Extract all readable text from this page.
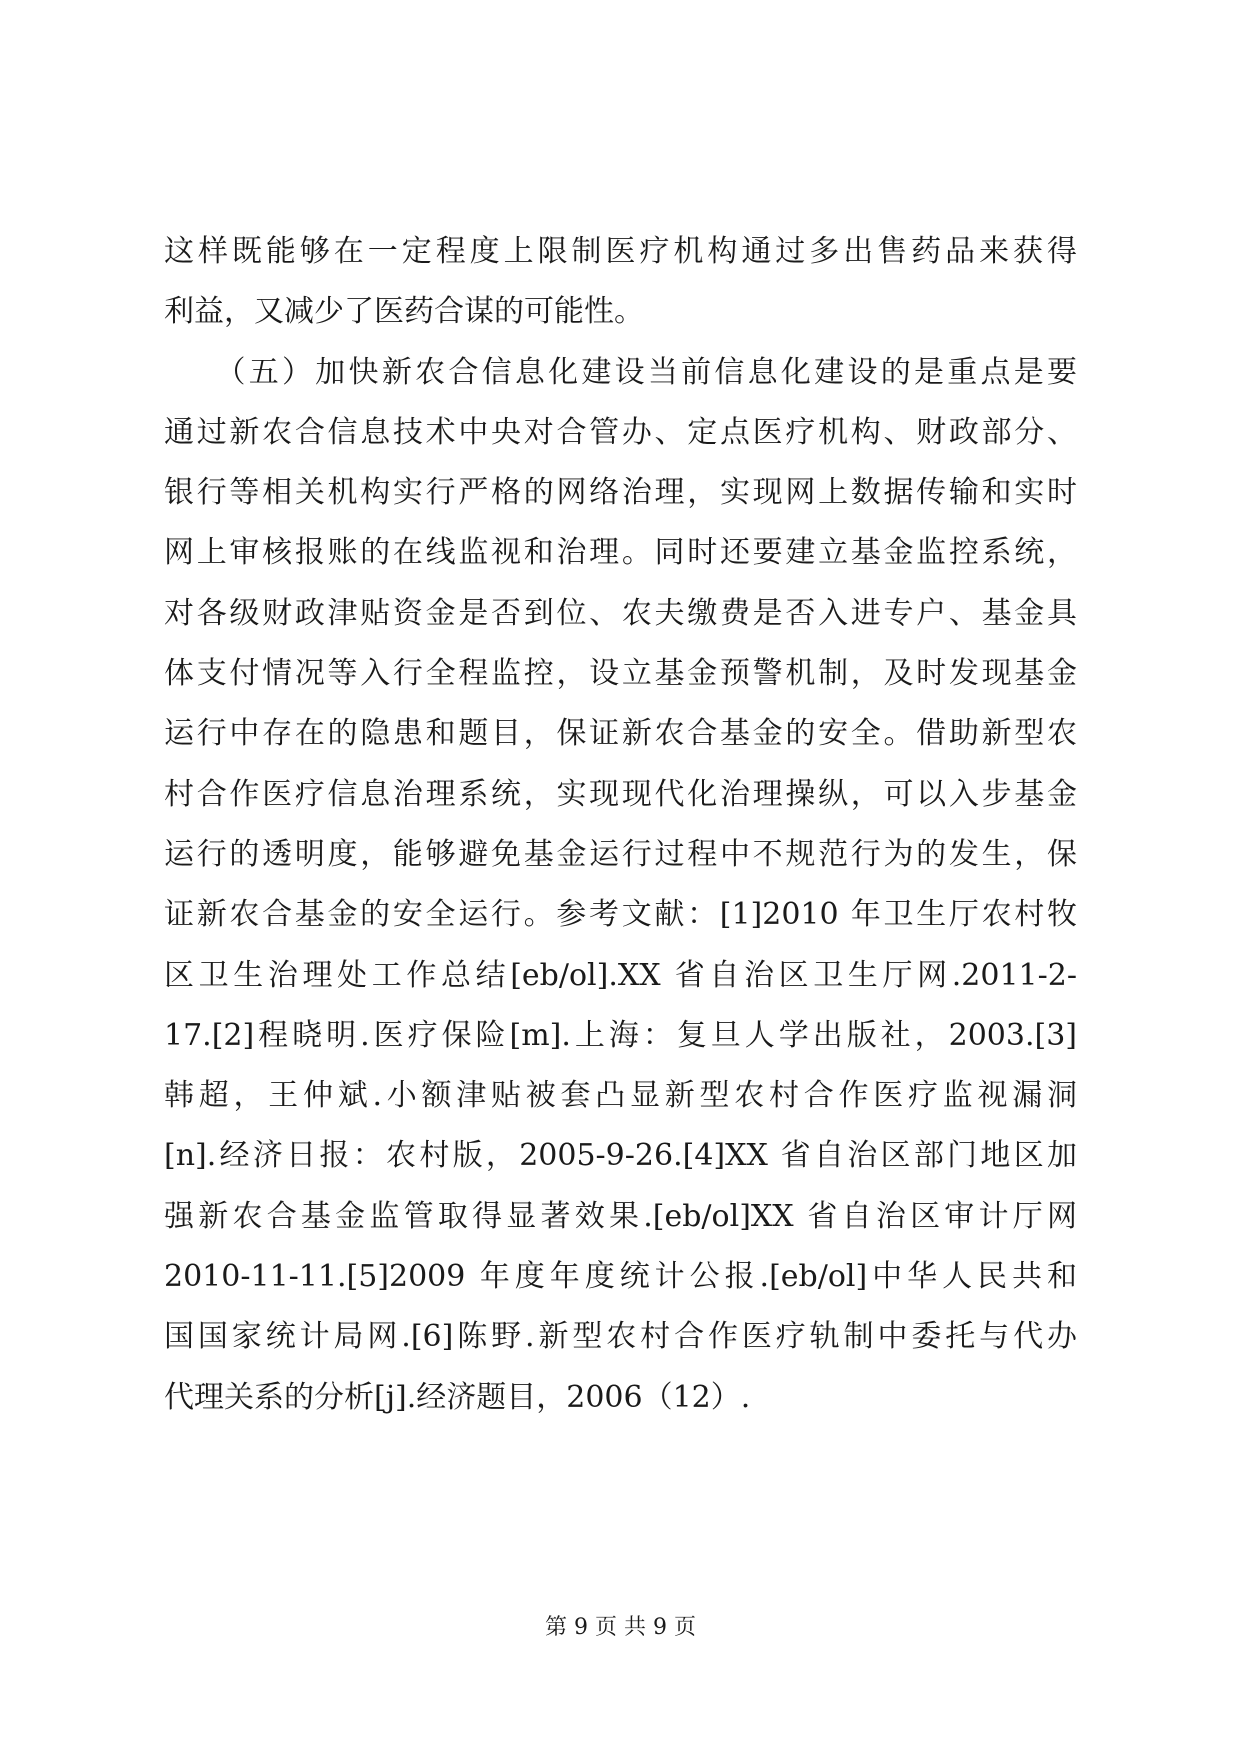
这样既能够在一定程度上限制医疗机构通过多出售药品来获得
利益，又减少了医药合谋的可能性。
　　（五）加快新农合信息化建设当前信息化建设的是重点是要
通过新农合信息技术中央对合管办、定点医疗机构、财政部分、
银行等相关机构实行严格的网络治理，实现网上数据传输和实时
网上审核报账的在线监视和治理。同时还要建立基金监控系统，
对各级财政津贴资金是否到位、农夫缴费是否入进专户、基金具
体支付情况等入行全程监控，设立基金预警机制，及时发现基金
运行中存在的隐患和题目，保证新农合基金的安全。借助新型农
村合作医疗信息治理系统，实现现代化治理操纵，可以入步基金
运行的透明度，能够避免基金运行过程中不规范行为的发生，保
证新农合基金的安全运行。参考文献：[1]2010 年卫生厅农村牧
区卫生治理处工作总结[eb/ol].XX 省自治区卫生厅网.2011-2-
17.[2]程晓明.医疗保险[m].上海：复旦人学出版社，2003.[3]
韩超，王仲斌.小额津贴被套凸显新型农村合作医疗监视漏洞
[n].经济日报：农村版，2005-9-26.[4]XX 省自治区部门地区加
强新农合基金监管取得显著效果.[eb/ol]XX 省自治区审计厅网
2010-11-11.[5]2009 年度年度统计公报.[eb/ol]中华人民共和
国国家统计局网.[6]陈野.新型农村合作医疗轨制中委托与代办
代理关系的分析[j].经济题目，2006（12）.
第 9 页 共 9 页
